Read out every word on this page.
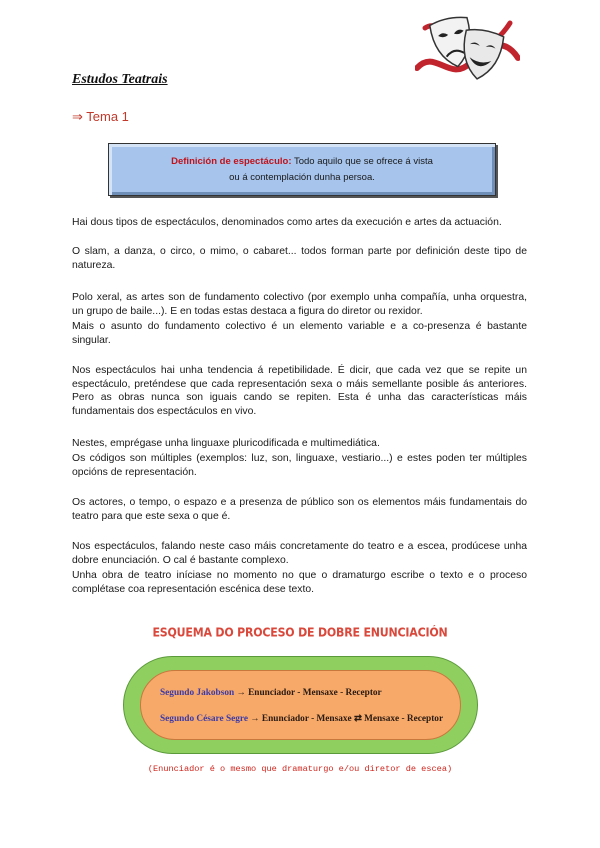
Estudos Teatrais
⇒ Tema 1
Definición de espectáculo: Todo aquilo que se ofrece á vista
ou á contemplación dunha persoa.

Hai dous tipos de espectáculos, denominados como artes da execución e artes da actuación.

O slam, a danza, o circo, o mimo, o cabaret... todos forman parte por definición deste tipo de natureza.

Polo xeral, as artes son de fundamento colectivo (por exemplo unha compañía, unha orquestra, un grupo de baile...). E en todas estas destaca a figura do diretor ou rexidor.

Mais o asunto do fundamento colectivo é un elemento variable e a co-presenza é bastante singular.

Nos espectáculos hai unha tendencia á repetibilidade. É dicir, que cada vez que se repite un espectáculo, preténdese que cada representación sexa o máis semellante posible ás anteriores. Pero as obras nunca son iguais cando se repiten. Esta é unha das características máis fundamentais dos espectáculos en vivo.

Nestes, emprégase unha linguaxe pluricodificada e multimediática.

Os códigos son múltiples (exemplos: luz, son, linguaxe, vestiario...) e estes poden ter múltiples opcións de representación.

Os actores, o tempo, o espazo e a presenza de público son os elementos máis fundamentais do teatro para que este sexa o que é.

Nos espectáculos, falando neste caso máis concretamente do teatro e a escea, prodúcese unha dobre enunciación. O cal é bastante complexo.

Unha obra de teatro iníciase no momento no que o dramaturgo escribe o texto e o proceso complétase coa representación escénica dese texto.

ESQUEMA DO PROCESO DE DOBRE ENUNCIACIÓN
Segundo Jakobson → Enunciador - Mensaxe - Receptor
Segundo Césare Segre → Enunciador - Mensaxe ⇄ Mensaxe - Receptor
(Enunciador é o mesmo que dramaturgo e/ou diretor de escea)
